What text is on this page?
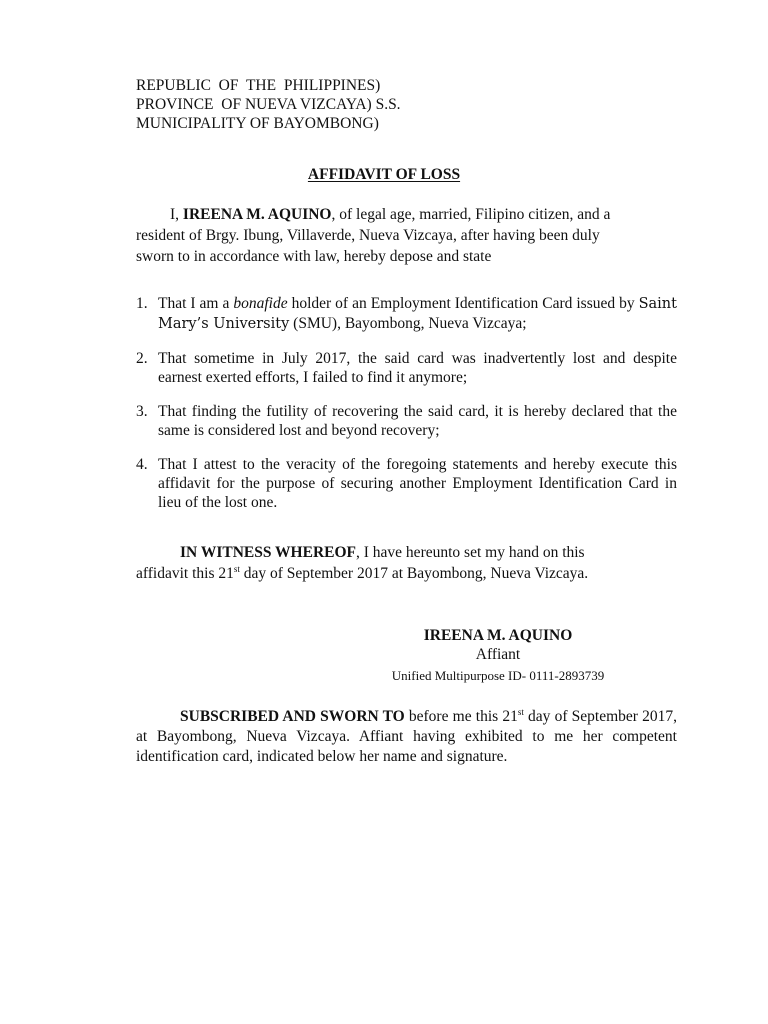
REPUBLIC  OF  THE  PHILIPPINES)
PROVINCE  OF NUEVA VIZCAYA) S.S.
MUNICIPALITY OF BAYOMBONG)
AFFIDAVIT OF LOSS
I, IREENA M. AQUINO, of legal age, married, Filipino citizen, and a
resident of Brgy. Ibung, Villaverde, Nueva Vizcaya, after having been duly
sworn to in accordance with law, hereby depose and state
1. That I am a bonafide holder of an Employment Identification Card issued by Saint Mary’s University (SMU), Bayombong, Nueva Vizcaya;
2. That sometime in July 2017, the said card was inadvertently lost and despite earnest exerted efforts, I failed to find it anymore;
3. That finding the futility of recovering the said card, it is hereby declared that the same is considered lost and beyond recovery;
4. That I attest to the veracity of the foregoing statements and hereby execute this affidavit for the purpose of securing another Employment Identification Card in lieu of the lost one.
IN WITNESS WHEREOF, I have hereunto set my hand on this
affidavit this 21st day of September 2017 at Bayombong, Nueva Vizcaya.
IREENA M. AQUINO
Affiant
Unified Multipurpose ID- 0111-2893739
SUBSCRIBED AND SWORN TO before me this 21st day of September 2017, at Bayombong, Nueva Vizcaya. Affiant having exhibited to me her competent identification card, indicated below her name and signature.
